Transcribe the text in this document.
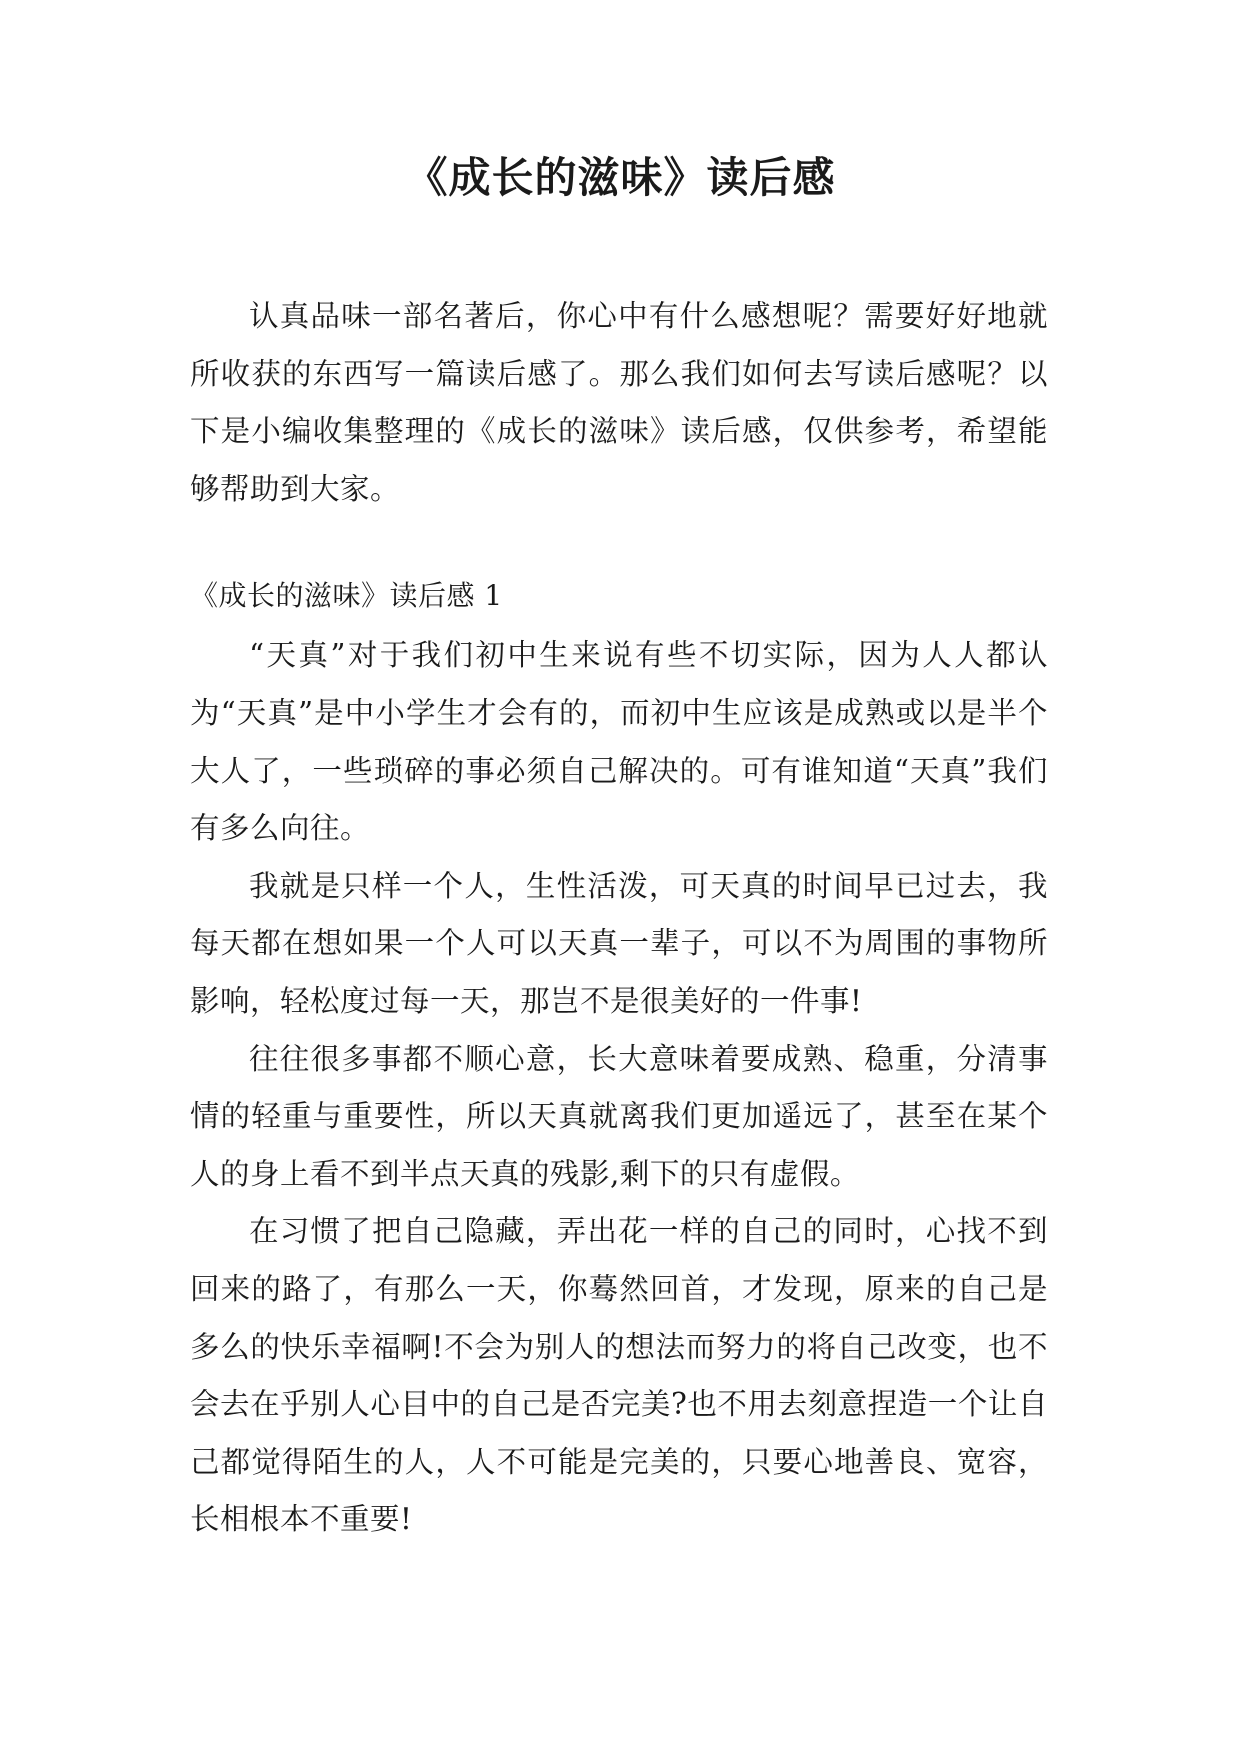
《成长的滋味》读后感

认真品味一部名著后，你心中有什么感想呢？需要好好地就所收获的东西写一篇读后感了。那么我们如何去写读后感呢？以下是小编收集整理的《成长的滋味》读后感，仅供参考，希望能够帮助到大家。

《成长的滋味》读后感 1

“天真”对于我们初中生来说有些不切实际，因为人人都认为“天真”是中小学生才会有的，而初中生应该是成熟或以是半个大人了，一些琐碎的事必须自己解决的。可有谁知道“天真”我们有多么向往。

我就是只样一个人，生性活泼，可天真的时间早已过去，我每天都在想如果一个人可以天真一辈子，可以不为周围的事物所影响，轻松度过每一天，那岂不是很美好的一件事!

往往很多事都不顺心意，长大意味着要成熟、稳重，分清事情的轻重与重要性，所以天真就离我们更加遥远了，甚至在某个人的身上看不到半点天真的残影,剩下的只有虚假。

在习惯了把自己隐藏，弄出花一样的自己的同时，心找不到回来的路了，有那么一天，你蓦然回首，才发现，原来的自己是多么的快乐幸福啊!不会为别人的想法而努力的将自己改变，也不会去在乎别人心目中的自己是否完美?也不用去刻意捏造一个让自己都觉得陌生的人，人不可能是完美的，只要心地善良、宽容，长相根本不重要!
